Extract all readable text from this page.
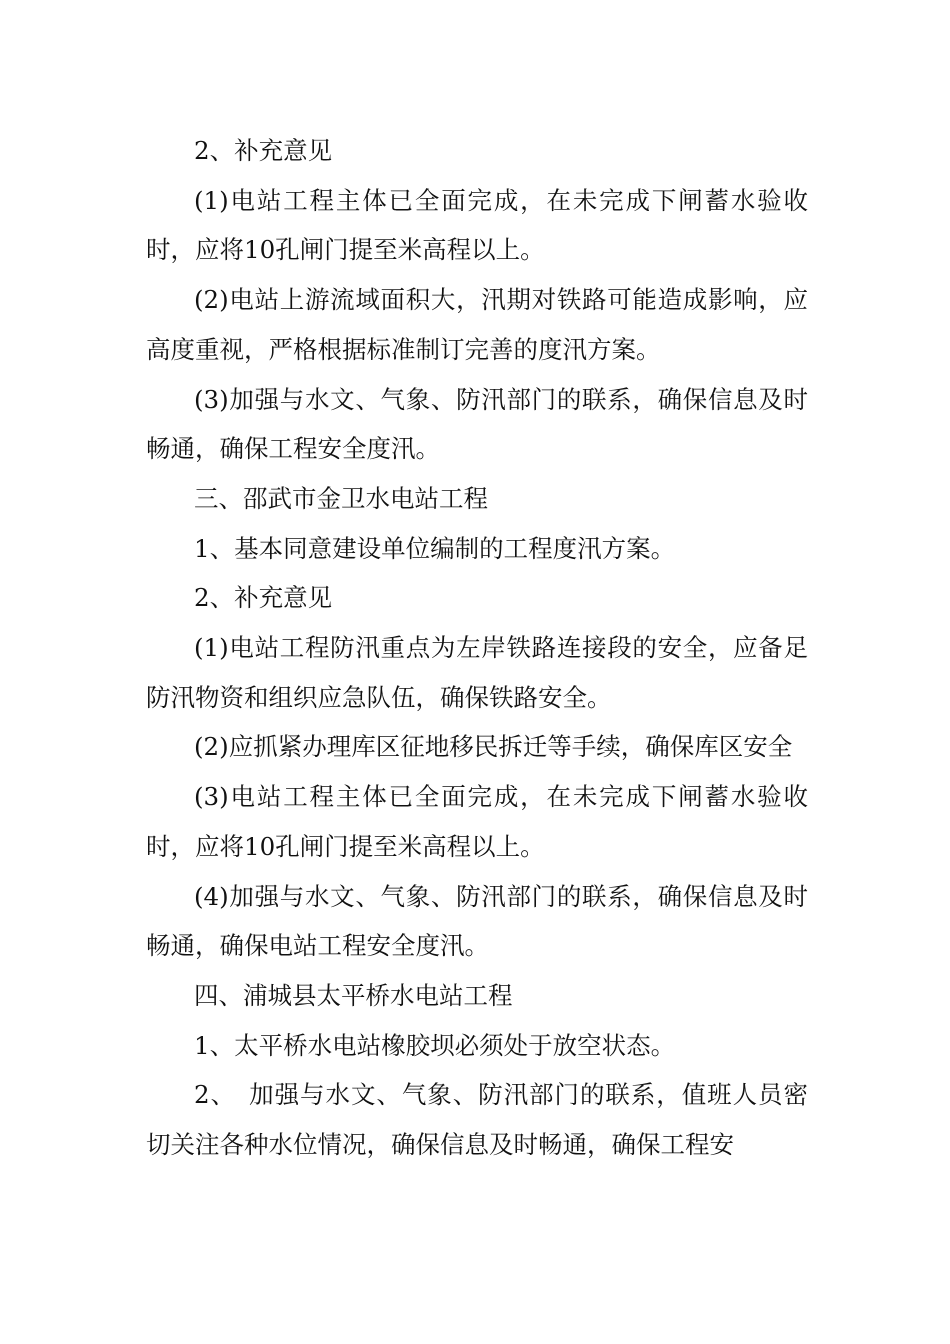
2、补充意见

(1)电站工程主体已全面完成，在未完成下闸蓄水验收时，应将10孔闸门提至米高程以上。

(2)电站上游流域面积大，汛期对铁路可能造成影响，应高度重视，严格根据标准制订完善的度汛方案。

(3)加强与水文、气象、防汛部门的联系，确保信息及时畅通，确保工程安全度汛。

三、邵武市金卫水电站工程

1、基本同意建设单位编制的工程度汛方案。

2、补充意见

(1)电站工程防汛重点为左岸铁路连接段的安全，应备足防汛物资和组织应急队伍，确保铁路安全。

(2)应抓紧办理库区征地移民拆迁等手续，确保库区安全

(3)电站工程主体已全面完成，在未完成下闸蓄水验收时，应将10孔闸门提至米高程以上。

(4)加强与水文、气象、防汛部门的联系，确保信息及时畅通，确保电站工程安全度汛。

四、浦城县太平桥水电站工程

1、太平桥水电站橡胶坝必须处于放空状态。

2、　加强与水文、气象、防汛部门的联系，值班人员密切关注各种水位情况，确保信息及时畅通，确保工程安
